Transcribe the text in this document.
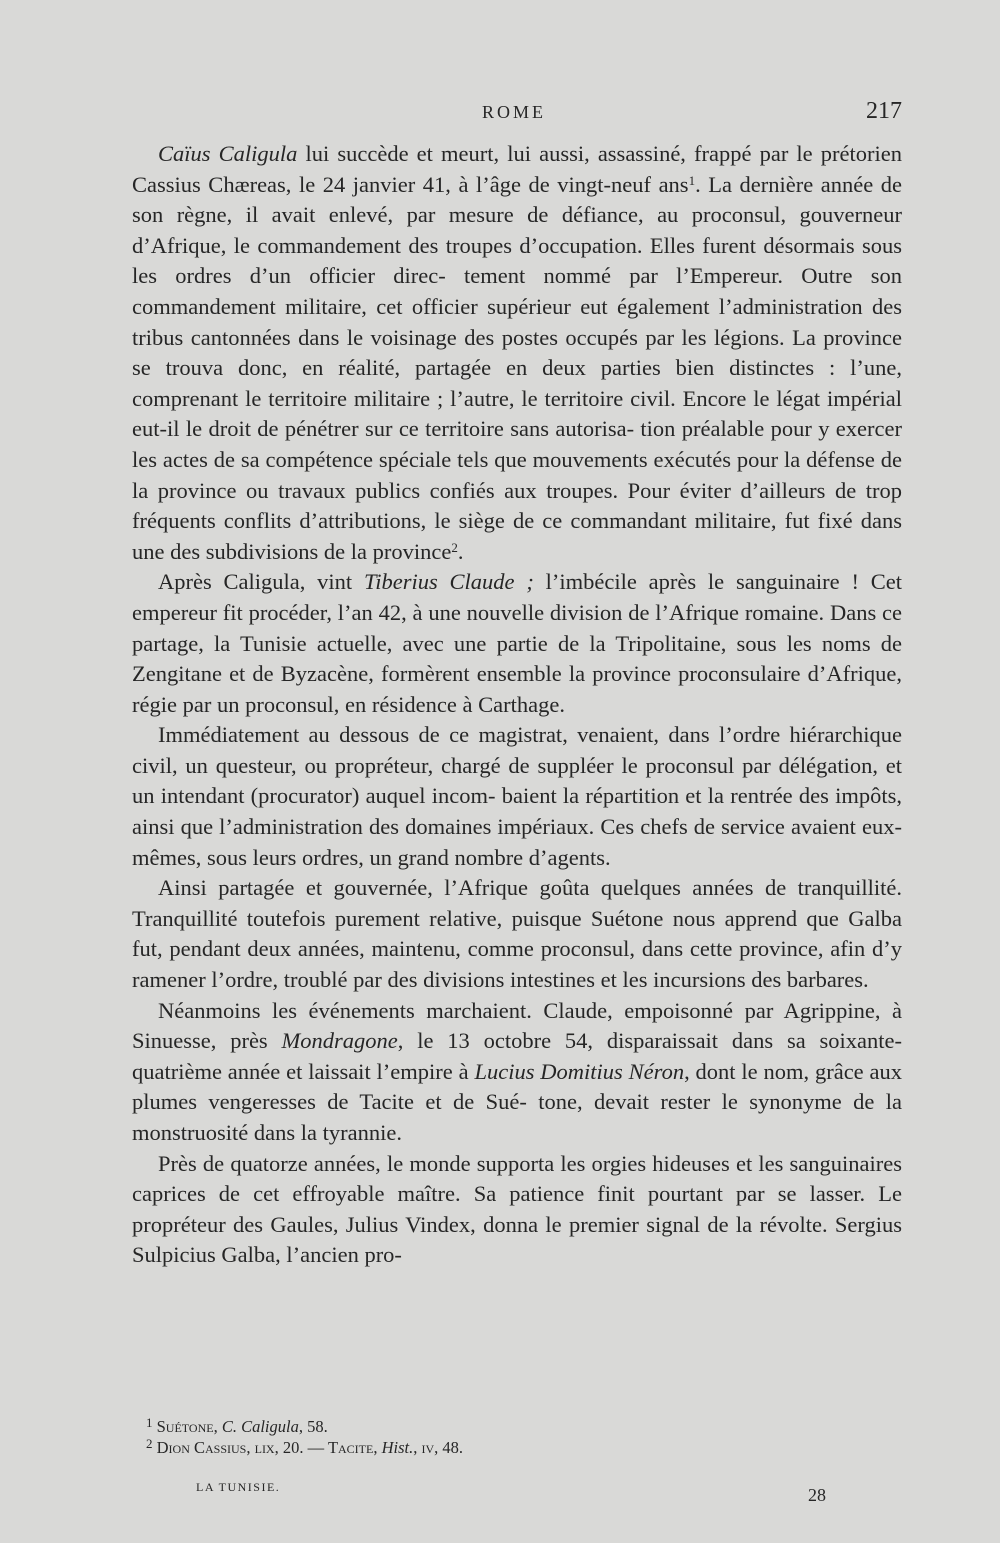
ROME	217

Caïus Caligula lui succède et meurt, lui aussi, assassiné, frappé par le prétorien Cassius Chæreas, le 24 janvier 41, à l’âge de vingt-neuf ans$^1$. La dernière année de son règne, il avait enlevé, par mesure de défiance, au proconsul, gouverneur d’Afrique, le commandement des troupes d’occupation. Elles furent désormais sous les ordres d’un officier direc- tement nommé par l’Empereur. Outre son commandement militaire, cet officier supérieur eut également l’administration des tribus cantonnées dans le voisinage des postes occupés par les légions. La province se trouva donc, en réalité, partagée en deux parties bien distinctes : l’une, comprenant le territoire militaire ; l’autre, le territoire civil. Encore le légat impérial eut-il le droit de pénétrer sur ce territoire sans autorisa- tion préalable pour y exercer les actes de sa compétence spéciale tels que mouvements exécutés pour la défense de la province ou travaux publics confiés aux troupes. Pour éviter d’ailleurs de trop fréquents conflits d’attributions, le siège de ce commandant militaire, fut fixé dans une des subdivisions de la province$^2$.

Après Caligula, vint Tiberius Claude ; l’imbécile après le sanguinaire ! Cet empereur fit procéder, l’an 42, à une nouvelle division de l’Afrique romaine. Dans ce partage, la Tunisie actuelle, avec une partie de la Tripolitaine, sous les noms de Zengitane et de Byzacène, formèrent ensemble la province proconsulaire d’Afrique, régie par un proconsul, en résidence à Carthage.

Immédiatement au dessous de ce magistrat, venaient, dans l’ordre hiérarchique civil, un questeur, ou propréteur, chargé de suppléer le proconsul par délégation, et un intendant (procurator) auquel incom- baient la répartition et la rentrée des impôts, ainsi que l’administration des domaines impériaux. Ces chefs de service avaient eux-mêmes, sous leurs ordres, un grand nombre d’agents.

Ainsi partagée et gouvernée, l’Afrique goûta quelques années de tranquillité. Tranquillité toutefois purement relative, puisque Suétone nous apprend que Galba fut, pendant deux années, maintenu, comme proconsul, dans cette province, afin d’y ramener l’ordre, troublé par des divisions intestines et les incursions des barbares.

Néanmoins les événements marchaient. Claude, empoisonné par Agrippine, à Sinuesse, près Mondragone, le 13 octobre 54, disparaissait dans sa soixante-quatrième année et laissait l’empire à Lucius Domitius Néron, dont le nom, grâce aux plumes vengeresses de Tacite et de Sué- tone, devait rester le synonyme de la monstruosité dans la tyrannie.

Près de quatorze années, le monde supporta les orgies hideuses et les sanguinaires caprices de cet effroyable maître. Sa patience finit pourtant par se lasser. Le propréteur des Gaules, Julius Vindex, donna le premier signal de la révolte. Sergius Sulpicius Galba, l’ancien pro-

$^1$ Suétone, C. Caligula, 58.

$^2$ Dion Cassius, lix, 20. — Tacite, Hist., iv, 48.

LA TUNISIE.	28
